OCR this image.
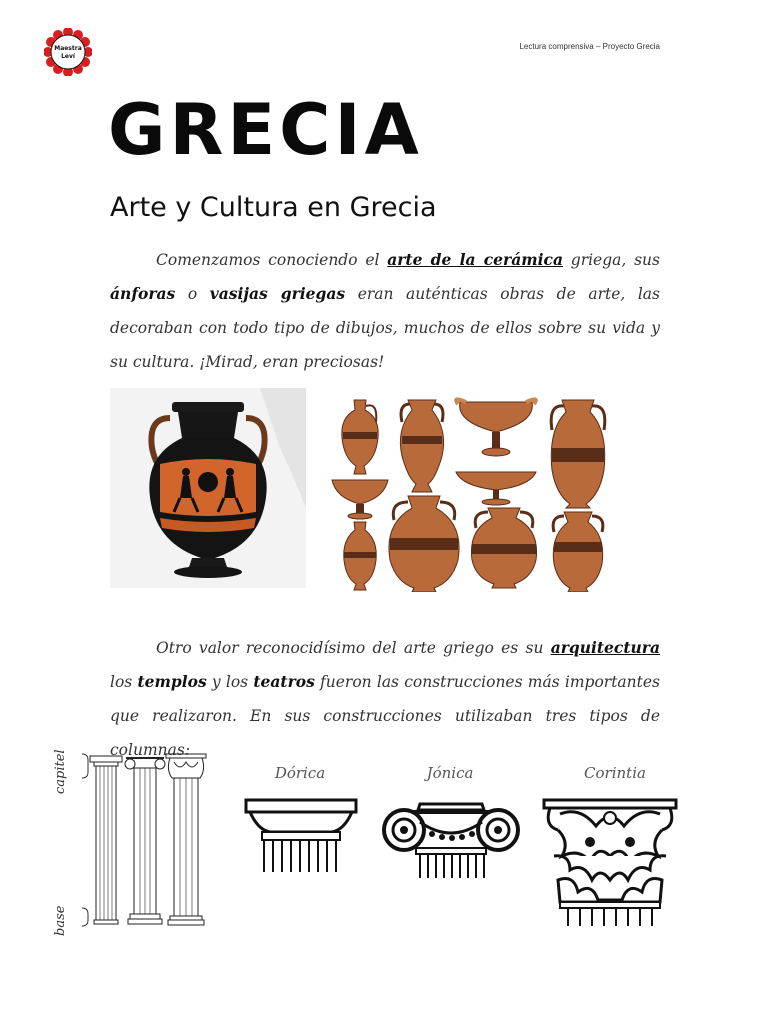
Maestra
Leví
Lectura comprensiva – Proyecto Grecia
GRECIA
Arte y Cultura en Grecia
Comenzamos conociendo el arte de la cerámica griega, sus ánforas o vasijas griegas eran auténticas obras de arte, las decoraban con todo tipo de dibujos, muchos de ellos sobre su vida y su cultura. ¡Mirad, eran preciosas!
Otro valor reconocidísimo del arte griego es su arquitectura los templos y los teatros fueron las construcciones más importantes que realizaron. En sus construcciones utilizaban tres tipos de columnas:
capitel
base
Dórica	Jónica	Corintia
